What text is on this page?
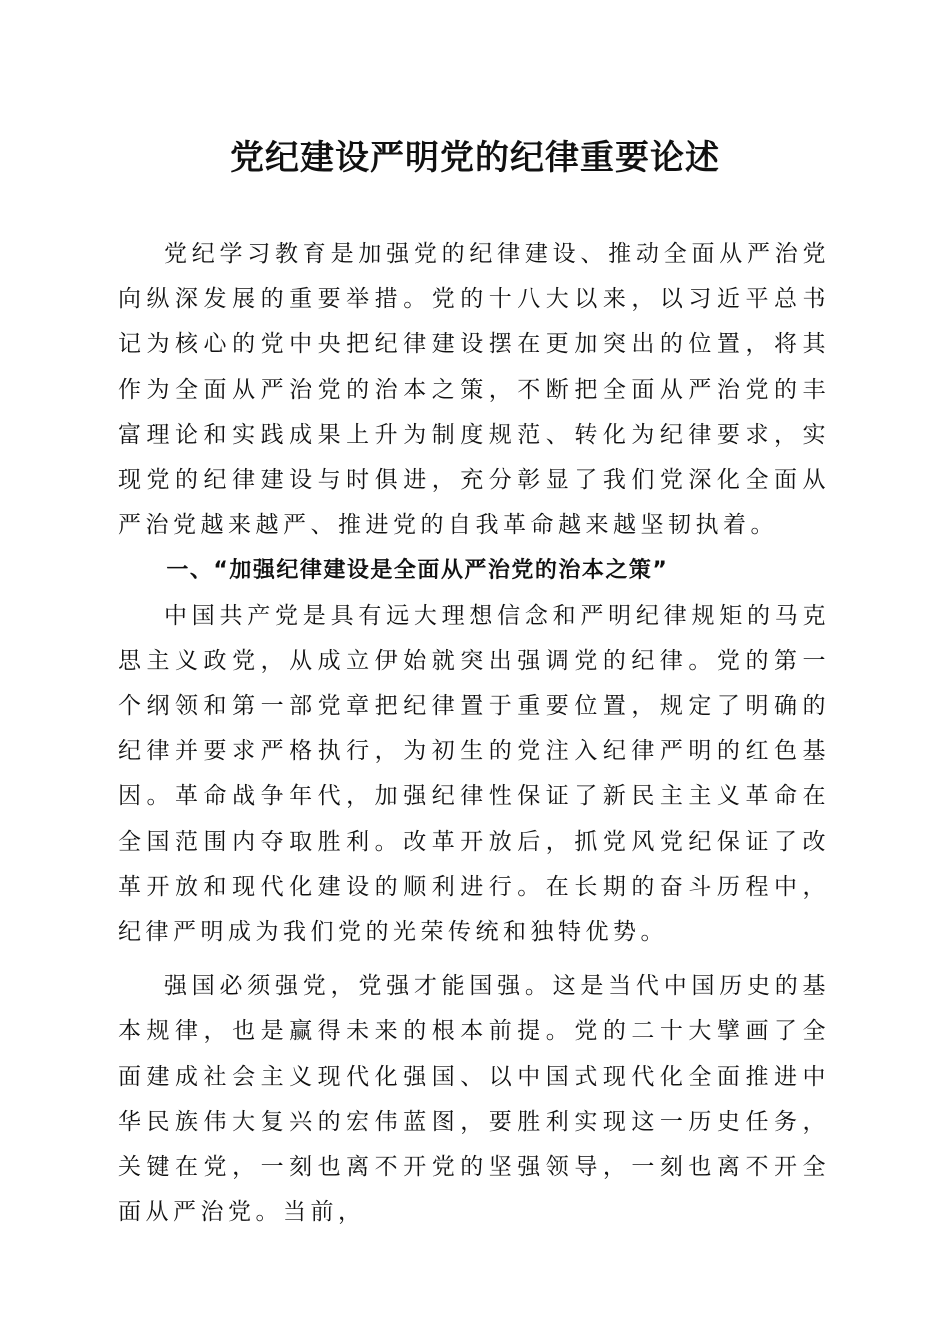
党纪建设严明党的纪律重要论述

党纪学习教育是加强党的纪律建设、推动全面从严治党向纵深发展的重要举措。党的十八大以来，以习近平总书记为核心的党中央把纪律建设摆在更加突出的位置，将其作为全面从严治党的治本之策，不断把全面从严治党的丰富理论和实践成果上升为制度规范、转化为纪律要求，实现党的纪律建设与时俱进，充分彰显了我们党深化全面从严治党越来越严、推进党的自我革命越来越坚韧执着。

一、“加强纪律建设是全面从严治党的治本之策”

中国共产党是具有远大理想信念和严明纪律规矩的马克思主义政党，从成立伊始就突出强调党的纪律。党的第一个纲领和第一部党章把纪律置于重要位置，规定了明确的纪律并要求严格执行，为初生的党注入纪律严明的红色基因。革命战争年代，加强纪律性保证了新民主主义革命在全国范围内夺取胜利。改革开放后，抓党风党纪保证了改革开放和现代化建设的顺利进行。在长期的奋斗历程中，纪律严明成为我们党的光荣传统和独特优势。

强国必须强党，党强才能国强。这是当代中国历史的基本规律，也是赢得未来的根本前提。党的二十大擘画了全面建成社会主义现代化强国、以中国式现代化全面推进中华民族伟大复兴的宏伟蓝图，要胜利实现这一历史任务，关键在党，一刻也离不开党的坚强领导，一刻也离不开全面从严治党。当前，
